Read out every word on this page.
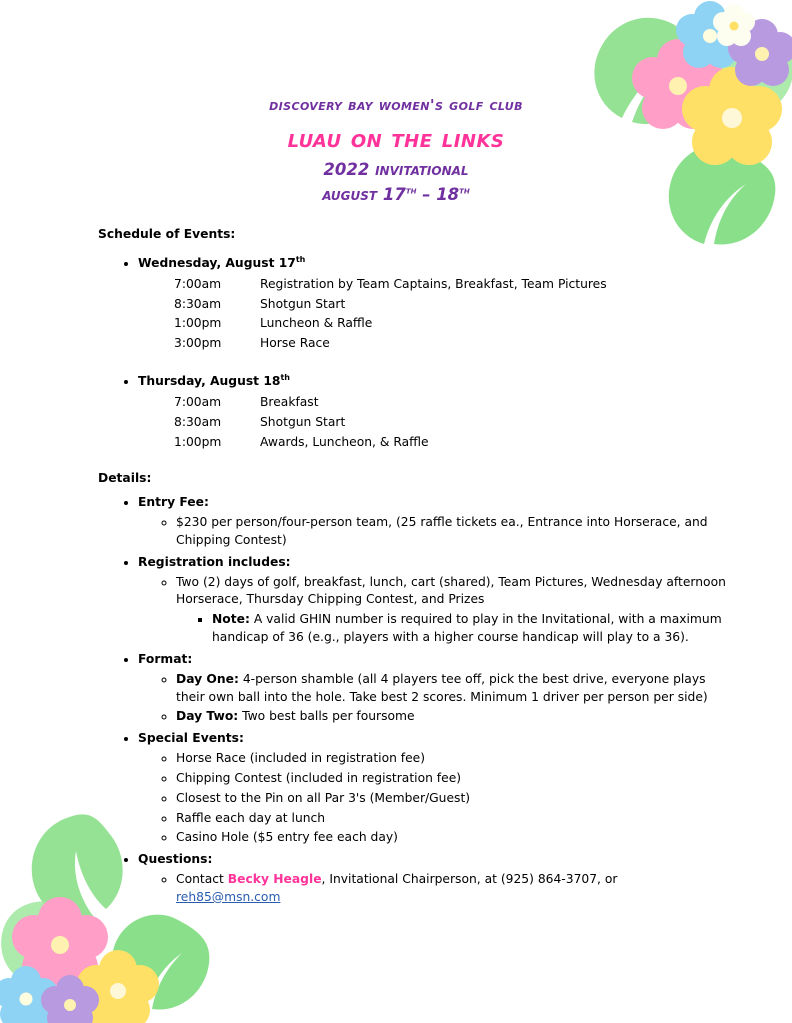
discovery bay women's golf club
luau on the links
2022 invitational
august 17th – 18th
Schedule of Events:
• Wednesday, August 17th
7:00am	Registration by Team Captains, Breakfast, Team Pictures
8:30am	Shotgun Start
1:00pm	Luncheon & Raffle
3:00pm	Horse Race
• Thursday, August 18th
7:00am	Breakfast
8:30am	Shotgun Start
1:00pm	Awards, Luncheon, & Raffle
Details:
• Entry Fee:
◦ $230 per person/four-person team, (25 raffle tickets ea., Entrance into Horserace, and Chipping Contest)
• Registration includes:
◦ Two (2) days of golf, breakfast, lunch, cart (shared), Team Pictures, Wednesday afternoon Horserace, Thursday Chipping Contest, and Prizes
▪ Note: A valid GHIN number is required to play in the Invitational, with a maximum handicap of 36 (e.g., players with a higher course handicap will play to a 36).
• Format:
◦ Day One: 4-person shamble (all 4 players tee off, pick the best drive, everyone plays their own ball into the hole. Take best 2 scores. Minimum 1 driver per person per side)
◦ Day Two: Two best balls per foursome
• Special Events:
◦ Horse Race (included in registration fee)
◦ Chipping Contest (included in registration fee)
◦ Closest to the Pin on all Par 3's (Member/Guest)
◦ Raffle each day at lunch
◦ Casino Hole ($5 entry fee each day)
• Questions:
◦ Contact Becky Heagle, Invitational Chairperson, at (925) 864-3707, or
reh85@msn.com
